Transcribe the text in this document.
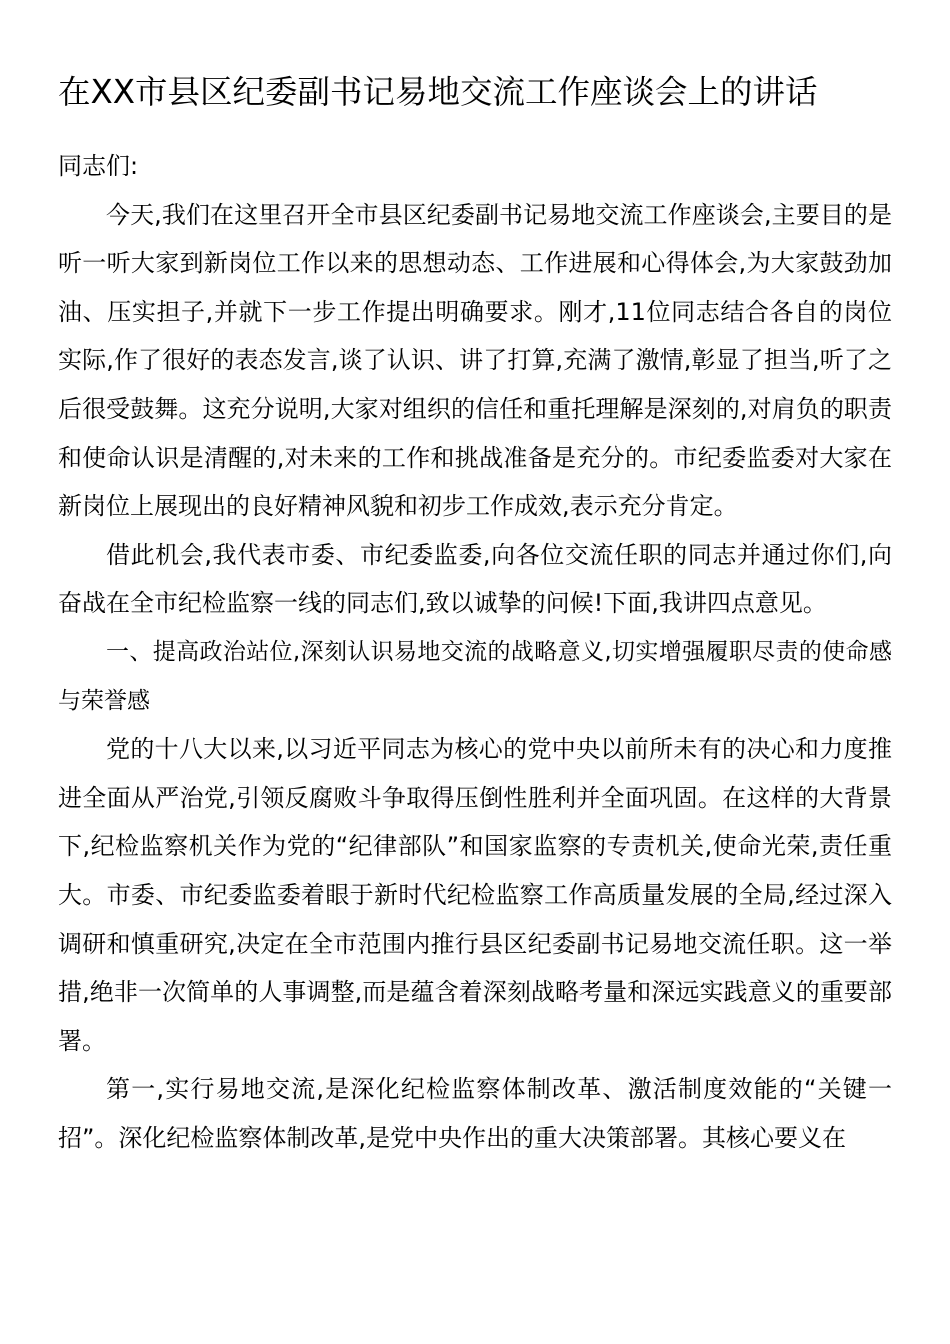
在XX市县区纪委副书记易地交流工作座谈会上的讲话

同志们:

今天,我们在这里召开全市县区纪委副书记易地交流工作座谈会,主要目的是听一听大家到新岗位工作以来的思想动态、工作进展和心得体会,为大家鼓劲加油、压实担子,并就下一步工作提出明确要求。刚才,11位同志结合各自的岗位实际,作了很好的表态发言,谈了认识、讲了打算,充满了激情,彰显了担当,听了之后很受鼓舞。这充分说明,大家对组织的信任和重托理解是深刻的,对肩负的职责和使命认识是清醒的,对未来的工作和挑战准备是充分的。市纪委监委对大家在新岗位上展现出的良好精神风貌和初步工作成效,表示充分肯定。

借此机会,我代表市委、市纪委监委,向各位交流任职的同志并通过你们,向奋战在全市纪检监察一线的同志们,致以诚挚的问候!下面,我讲四点意见。

一、提高政治站位,深刻认识易地交流的战略意义,切实增强履职尽责的使命感与荣誉感

党的十八大以来,以习近平同志为核心的党中央以前所未有的决心和力度推进全面从严治党,引领反腐败斗争取得压倒性胜利并全面巩固。在这样的大背景下,纪检监察机关作为党的“纪律部队”和国家监察的专责机关,使命光荣,责任重大。市委、市纪委监委着眼于新时代纪检监察工作高质量发展的全局,经过深入调研和慎重研究,决定在全市范围内推行县区纪委副书记易地交流任职。这一举措,绝非一次简单的人事调整,而是蕴含着深刻战略考量和深远实践意义的重要部署。

第一,实行易地交流,是深化纪检监察体制改革、激活制度效能的“关键一招”。深化纪检监察体制改革,是党中央作出的重大决策部署。其核心要义在
